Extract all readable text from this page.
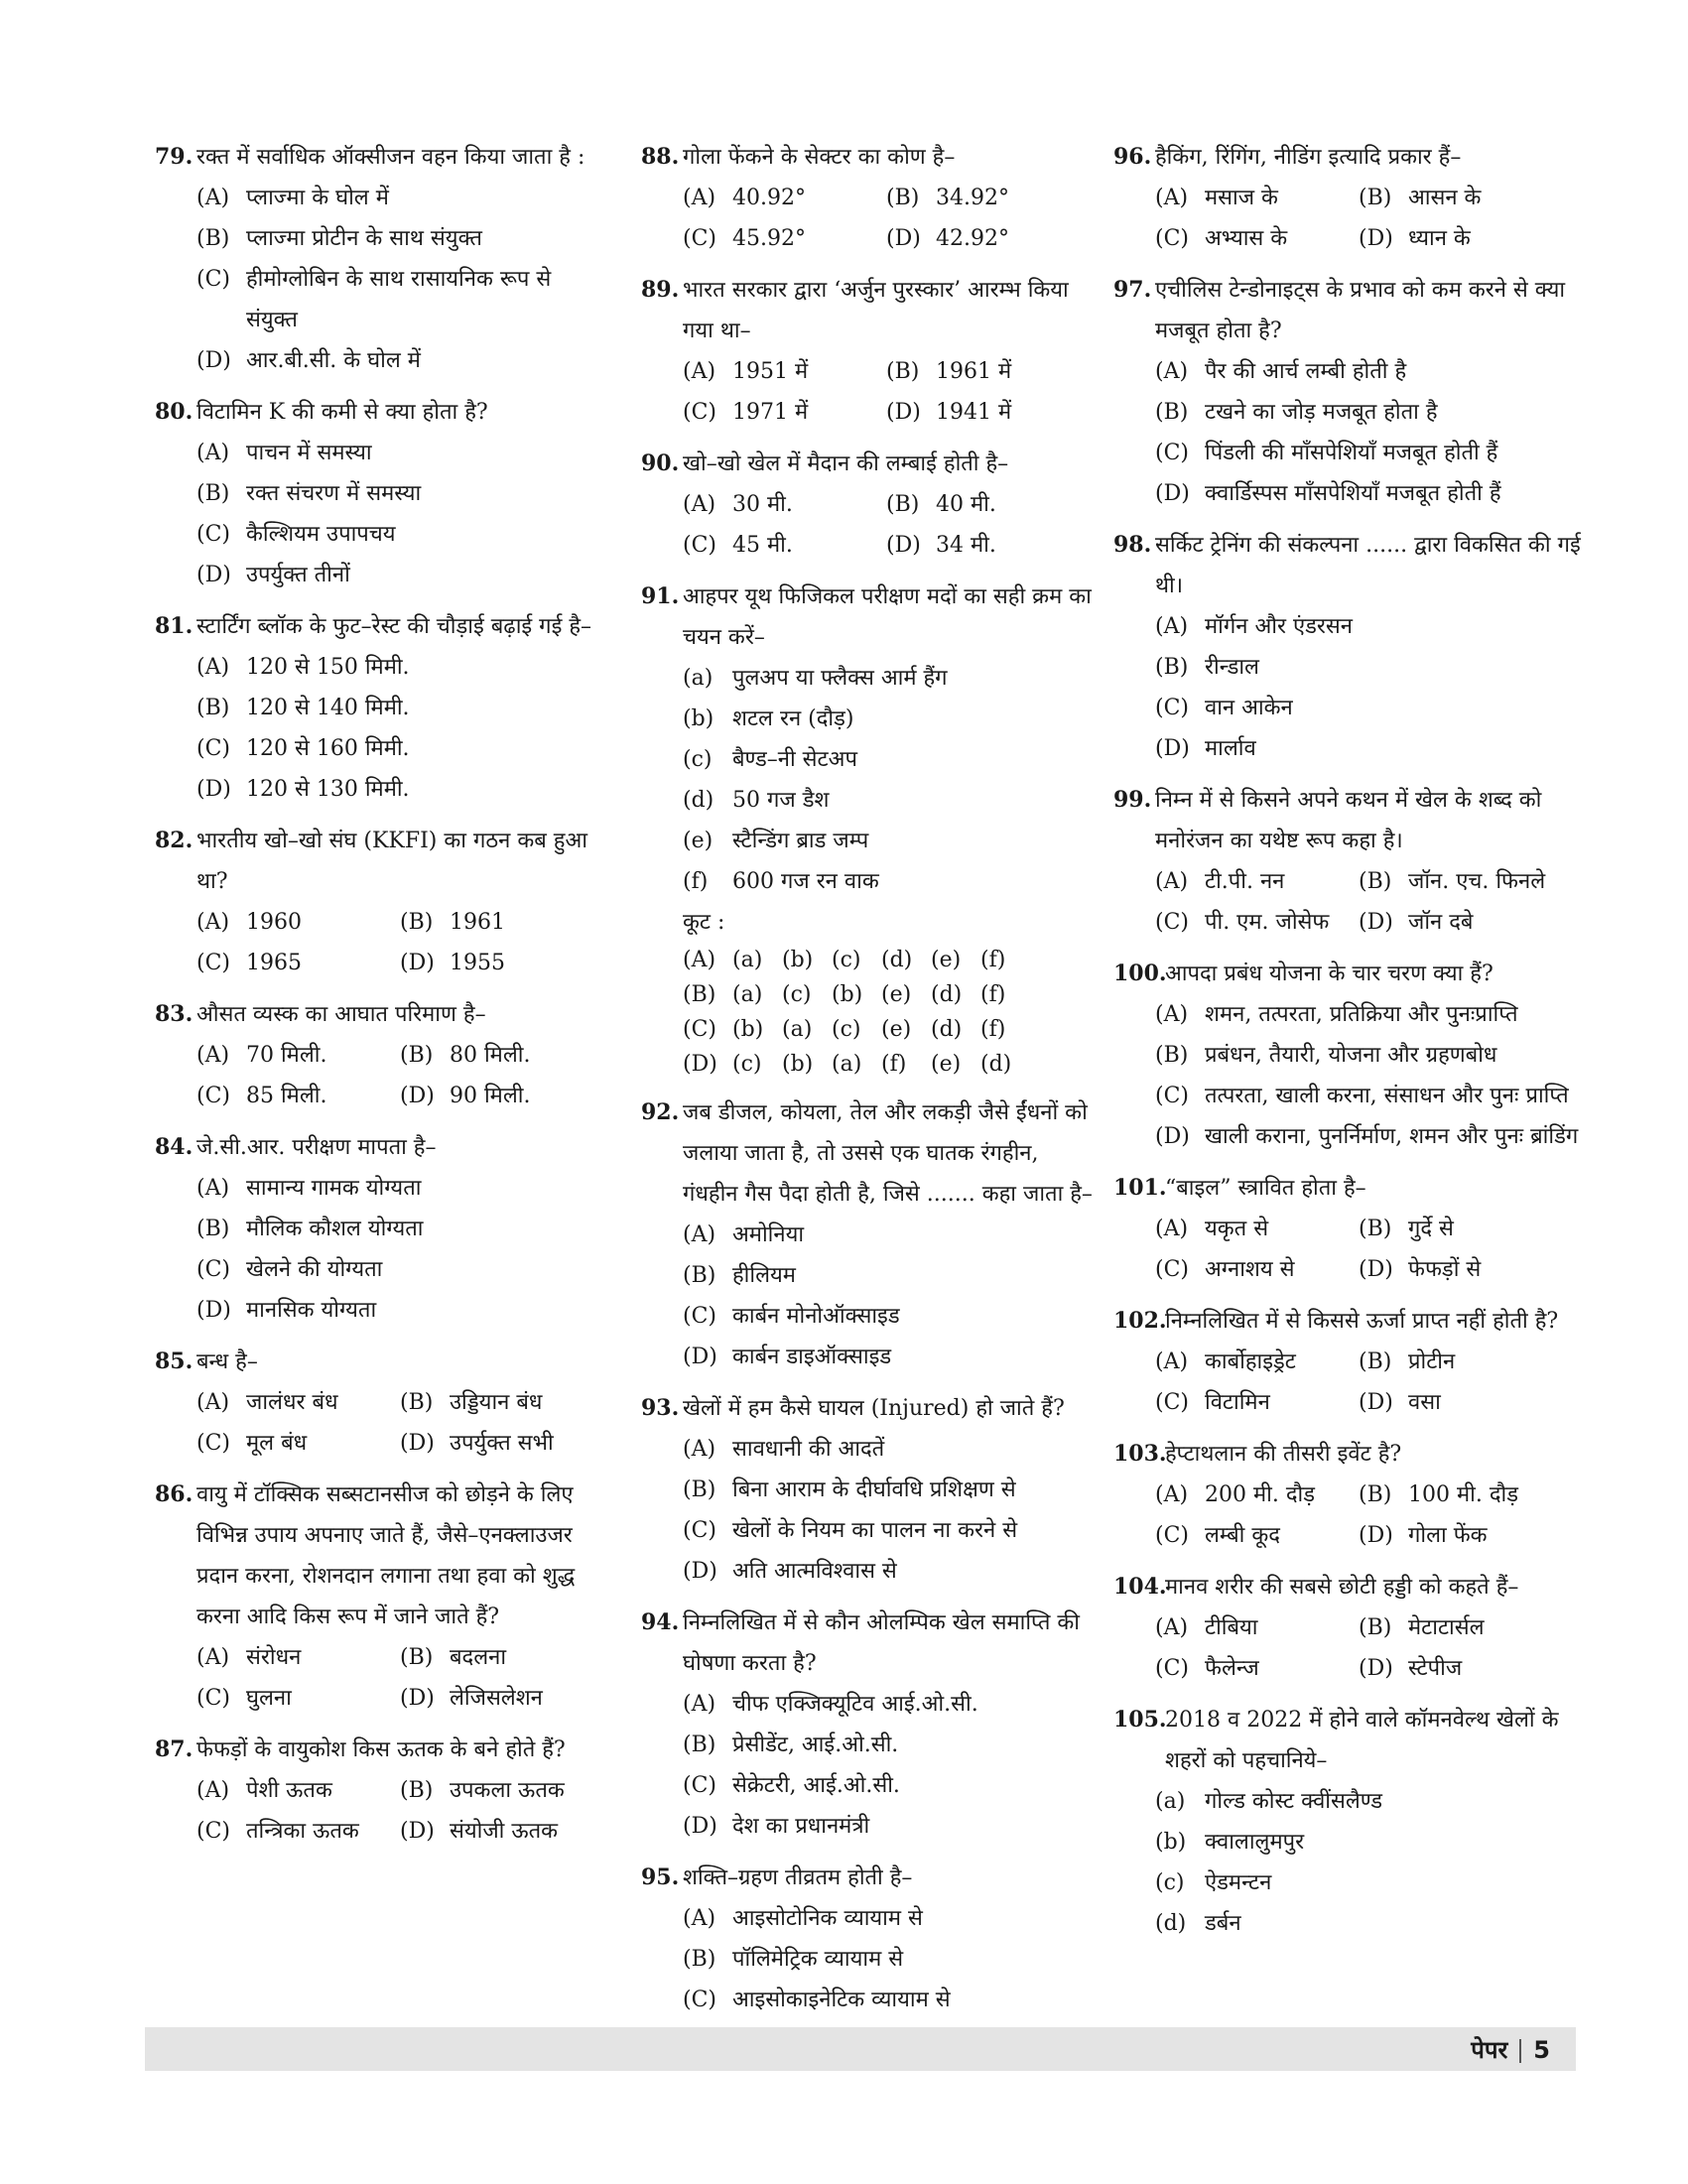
79. रक्त में सर्वाधिक ऑक्सीजन वहन किया जाता है :
(A) प्लाज्मा के घोल में
(B) प्लाज्मा प्रोटीन के साथ संयुक्त
(C) हीमोग्लोबिन के साथ रासायनिक रूप से संयुक्त
(D) आर.बी.सी. के घोल में
80. विटामिन K की कमी से क्या होता है?
(A) पाचन में समस्या
(B) रक्त संचरण में समस्या
(C) कैल्शियम उपापचय
(D) उपर्युक्त तीनों
81. स्टार्टिंग ब्लॉक के फुट–रेस्ट की चौड़ाई बढ़ाई गई है–
(A) 120 से 150 मिमी.
(B) 120 से 140 मिमी.
(C) 120 से 160 मिमी.
(D) 120 से 130 मिमी.
82. भारतीय खो–खो संघ (KKFI) का गठन कब हुआ था?
(A) 1960	(B) 1961
(C) 1965	(D) 1955
83. औसत व्यस्क का आघात परिमाण है–
(A) 70 मिली.	(B) 80 मिली.
(C) 85 मिली.	(D) 90 मिली.
84. जे.सी.आर. परीक्षण मापता है–
(A) सामान्य गामक योग्यता
(B) मौलिक कौशल योग्यता
(C) खेलने की योग्यता
(D) मानसिक योग्यता
85. बन्ध है–
(A) जालंधर बंध	(B) उड्डियान बंध
(C) मूल बंध	(D) उपर्युक्त सभी
86. वायु में टॉक्सिक सब्सटानसीज को छोड़ने के लिए विभिन्न उपाय अपनाए जाते हैं, जैसे–एनक्लाउजर प्रदान करना, रोशनदान लगाना तथा हवा को शुद्ध करना आदि किस रूप में जाने जाते हैं?
(A) संरोधन	(B) बदलना
(C) घुलना	(D) लेजिसलेशन
87. फेफड़ों के वायुकोश किस ऊतक के बने होते हैं?
(A) पेशी ऊतक	(B) उपकला ऊतक
(C) तन्त्रिका ऊतक	(D) संयोजी ऊतक
88. गोला फेंकने के सेक्टर का कोण है–
(A) 40.92°	(B) 34.92°
(C) 45.92°	(D) 42.92°
89. भारत सरकार द्वारा ‘अर्जुन पुरस्कार’ आरम्भ किया गया था–
(A) 1951 में	(B) 1961 में
(C) 1971 में	(D) 1941 में
90. खो–खो खेल में मैदान की लम्बाई होती है–
(A) 30 मी.	(B) 40 मी.
(C) 45 मी.	(D) 34 मी.
91. आहपर यूथ फिजिकल परीक्षण मदों का सही क्रम का चयन करें–
(a) पुलअप या फ्लैक्स आर्म हैंग
(b) शटल रन (दौड़)
(c) बैण्ड–नी सेटअप
(d) 50 गज डैश
(e) स्टैन्डिंग ब्राड जम्प
(f)	600 गज रन वाक
कूट :
(A) (a) (b) (c) (d) (e) (f)
(B) (a) (c) (b) (e) (d) (f)
(C) (b) (a) (c) (e) (d) (f)
(D) (c) (b) (a) (f)	(e) (d)
92. जब डीजल, कोयला, तेल और लकड़ी जैसे ईंधनों को जलाया जाता है, तो उससे एक घातक रंगहीन, गंधहीन गैस पैदा होती है, जिसे ....... कहा जाता है–
(A) अमोनिया
(B) हीलियम
(C) कार्बन मोनोऑक्साइड
(D) कार्बन डाइऑक्साइड
93. खेलों में हम कैसे घायल (Injured) हो जाते हैं?
(A) सावधानी की आदतें
(B) बिना आराम के दीर्घावधि प्रशिक्षण से
(C) खेलों के नियम का पालन ना करने से
(D) अति आत्मविश्वास से
94. निम्नलिखित में से कौन ओलम्पिक खेल समाप्ति की घोषणा करता है?
(A) चीफ एक्जिक्यूटिव आई.ओ.सी.
(B) प्रेसीडेंट, आई.ओ.सी.
(C) सेक्रेटरी, आई.ओ.सी.
(D) देश का प्रधानमंत्री
95. शक्ति–ग्रहण तीव्रतम होती है–
(A) आइसोटोनिक व्यायाम से
(B) पॉलिमेट्रिक व्यायाम से
(C) आइसोकाइनेटिक व्यायाम से
96. हैकिंग, रिंगिंग, नीडिंग इत्यादि प्रकार हैं–
(A) मसाज के	(B) आसन के
(C) अभ्यास के	(D) ध्यान के
97. एचीलिस टेन्डोनाइट्स के प्रभाव को कम करने से क्या मजबूत होता है?
(A) पैर की आर्च लम्बी होती है
(B) टखने का जोड़ मजबूत होता है
(C) पिंडली की माँसपेशियाँ मजबूत होती हैं
(D) क्वार्डिस्पस माँसपेशियाँ मजबूत होती हैं
98. सर्किट ट्रेनिंग की संकल्पना ...... द्वारा विकसित की गई थी।
(A) मॉर्गन और एंडरसन
(B) रीन्डाल
(C) वान आकेन
(D) मार्लाव
99. निम्न में से किसने अपने कथन में खेल के शब्द को मनोरंजन का यथेष्ट रूप कहा है।
(A) टी.पी. नन	(B) जॉन. एच. फिनले
(C) पी. एम. जोसेफ	(D) जॉन दबे
100.
आपदा प्रबंध योजना के चार चरण क्या हैं?
(A) शमन, तत्परता, प्रतिक्रिया और पुनःप्राप्ति
(B) प्रबंधन, तैयारी, योजना और ग्रहणबोध
(C) तत्परता, खाली करना, संसाधन और पुनः प्राप्ति
(D) खाली कराना, पुनर्निर्माण, शमन और पुनः ब्रांडिंग
101.
“बाइल” स्त्रावित होता है–
(A) यकृत से	(B) गुर्दे से
(C) अग्नाशय से	(D) फेफड़ों से
102.
निम्नलिखित में से किससे ऊर्जा प्राप्त नहीं होती है?
(A) कार्बोहाइड्रेट	(B) प्रोटीन
(C) विटामिन	(D) वसा
103.
हेप्टाथलान की तीसरी इवेंट है?
(A) 200 मी. दौड़	(B) 100 मी. दौड़
(C) लम्बी कूद	(D) गोला फेंक
104.
मानव शरीर की सबसे छोटी हड्डी को कहते हैं–
(A) टीबिया	(B) मेटाटार्सल
(C) फैलेन्ज	(D) स्टेपीज
105.
2018 व 2022 में होने वाले कॉमनवेल्थ खेलों के शहरों को पहचानिये–
(a) गोल्ड कोस्ट क्वींसलैण्ड
(b) क्वालालुमपुर
(c) ऐडमन्टन
(d) डर्बन
पेपर 5
